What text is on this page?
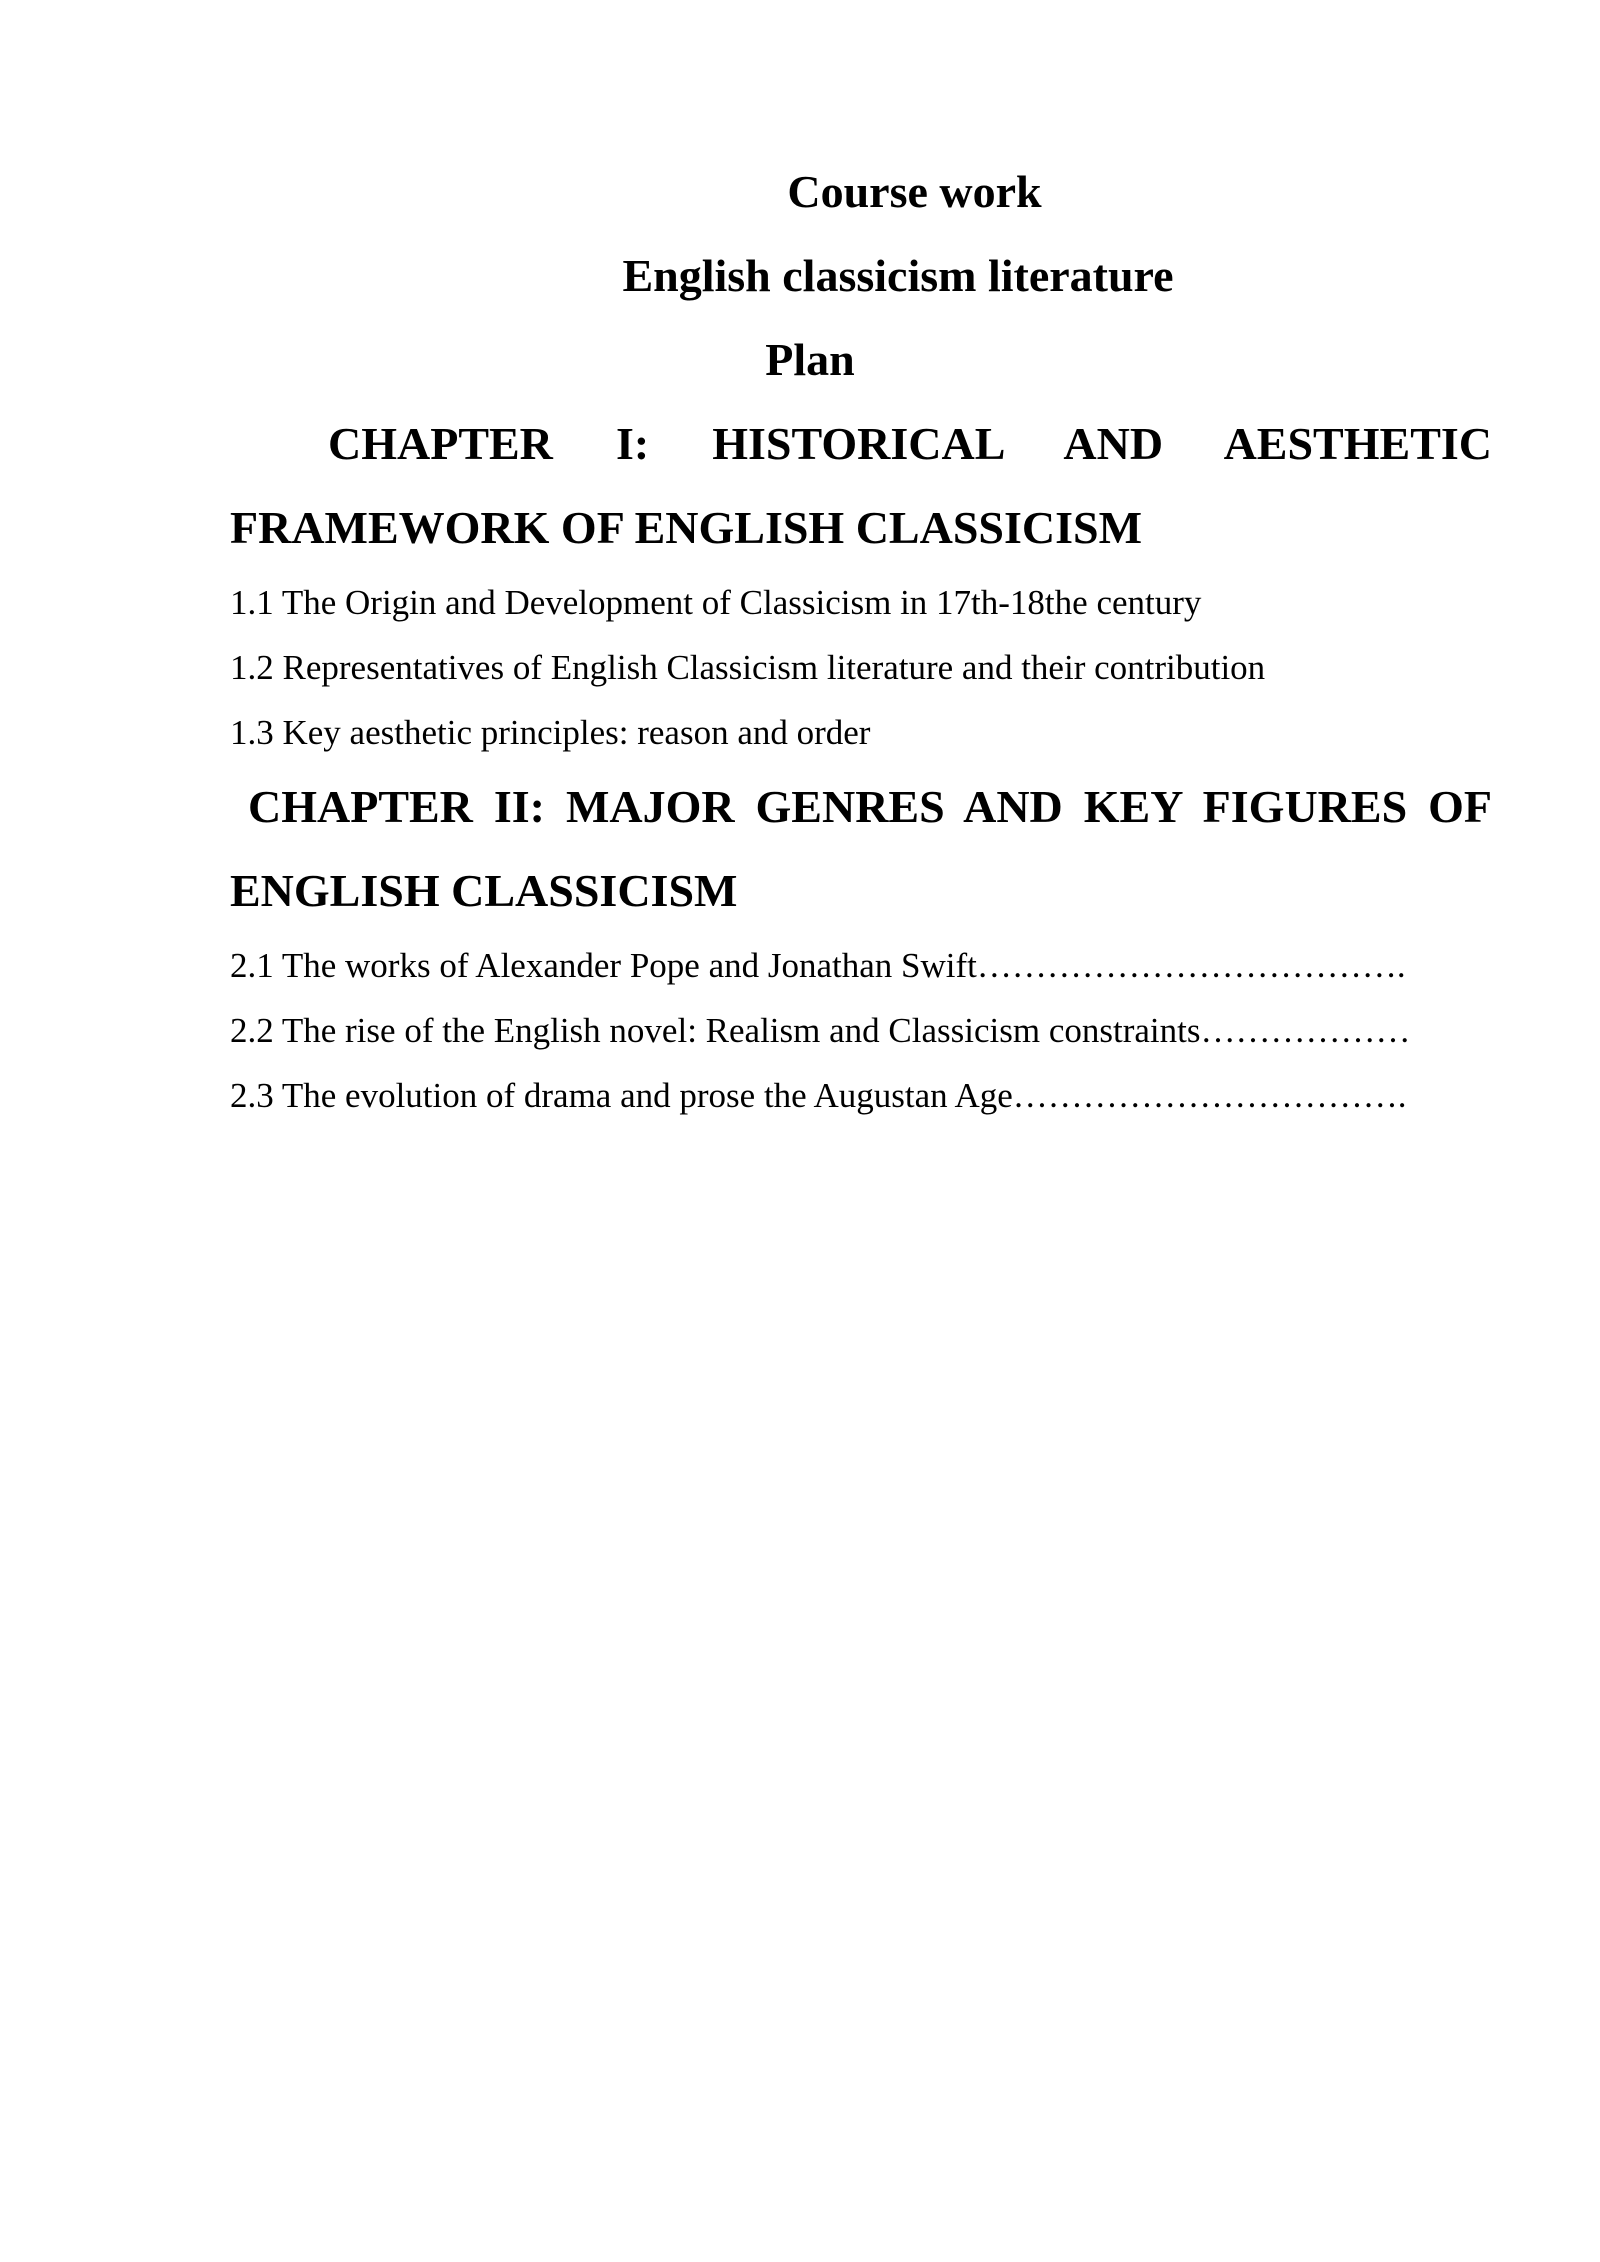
Course work

English classicism literature

Plan

CHAPTER I: HISTORICAL AND AESTHETIC FRAMEWORK OF ENGLISH CLASSICISM

1.1 The Origin and Development of Classicism in 17th-18the century

1.2 Representatives of English Classicism literature and their contribution

1.3 Key aesthetic principles: reason and order

CHAPTER II: MAJOR GENRES AND KEY FIGURES OF ENGLISH CLASSICISM

2.1 The works of Alexander Pope and Jonathan Swift……………………………….

2.2 The rise of the English novel: Realism and Classicism constraints………………

2.3 The evolution of drama and prose the Augustan Age…………………………….
